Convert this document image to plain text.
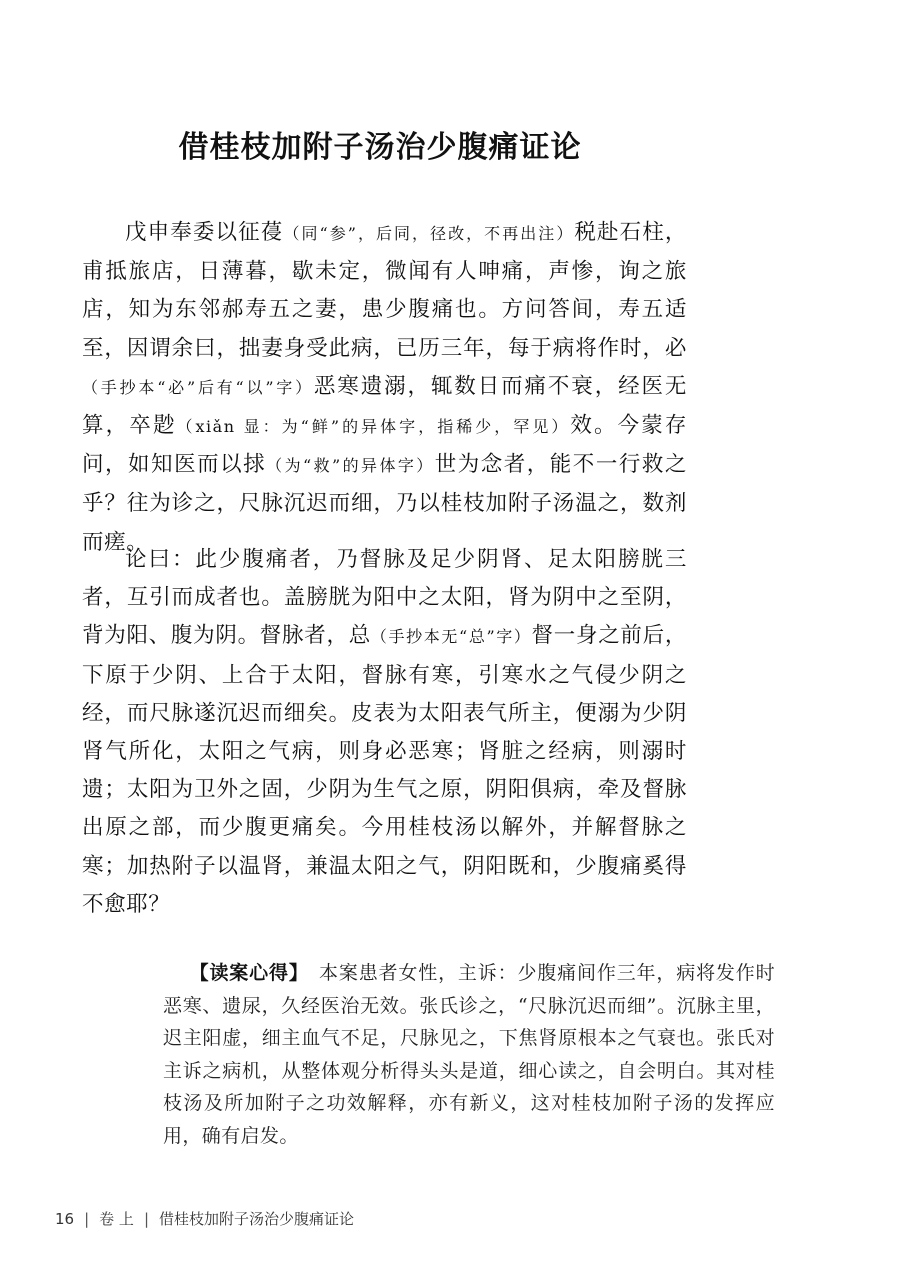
借桂枝加附子汤治少腹痛证论

戊申奉委以征葠（同“参”，后同，径改，不再出注）税赴石柱，甫抵旅店，日薄暮，歇未定，微闻有人呻痛，声惨，询之旅店，知为东邻郝寿五之妻，患少腹痛也。方问答间，寿五适至，因谓余曰，拙妻身受此病，已历三年，每于病将作时，必（手抄本“必”后有“以”字）恶寒遗溺，辄数日而痛不衰，经医无算，卒尟（xiǎn 显：为“鲜”的异体字，指稀少，罕见）效。今蒙存问，如知医而以捄（为“救”的异体字）世为念者，能不一行救之乎？往为诊之，尺脉沉迟而细，乃以桂枝加附子汤温之，数剂而瘥。

论曰：此少腹痛者，乃督脉及足少阴肾、足太阳膀胱三者，互引而成者也。盖膀胱为阳中之太阳，肾为阴中之至阴，背为阳、腹为阴。督脉者，总（手抄本无“总”字）督一身之前后，下原于少阴、上合于太阳，督脉有寒，引寒水之气侵少阴之经，而尺脉遂沉迟而细矣。皮表为太阳表气所主，便溺为少阴肾气所化，太阳之气病，则身必恶寒；肾脏之经病，则溺时遗；太阳为卫外之固，少阴为生气之原，阴阳俱病，牵及督脉出原之部，而少腹更痛矣。今用桂枝汤以解外，并解督脉之寒；加热附子以温肾，兼温太阳之气，阴阳既和，少腹痛奚得不愈耶？

【读案心得】  本案患者女性，主诉：少腹痛间作三年，病将发作时恶寒、遗尿，久经医治无效。张氏诊之，“尺脉沉迟而细”。沉脉主里，迟主阳虚，细主血气不足，尺脉见之，下焦肾原根本之气衰也。张氏对主诉之病机，从整体观分析得头头是道，细心读之，自会明白。其对桂枝汤及所加附子之功效解释，亦有新义，这对桂枝加附子汤的发挥应用，确有启发。

16 | 卷 上 | 借桂枝加附子汤治少腹痛证论
